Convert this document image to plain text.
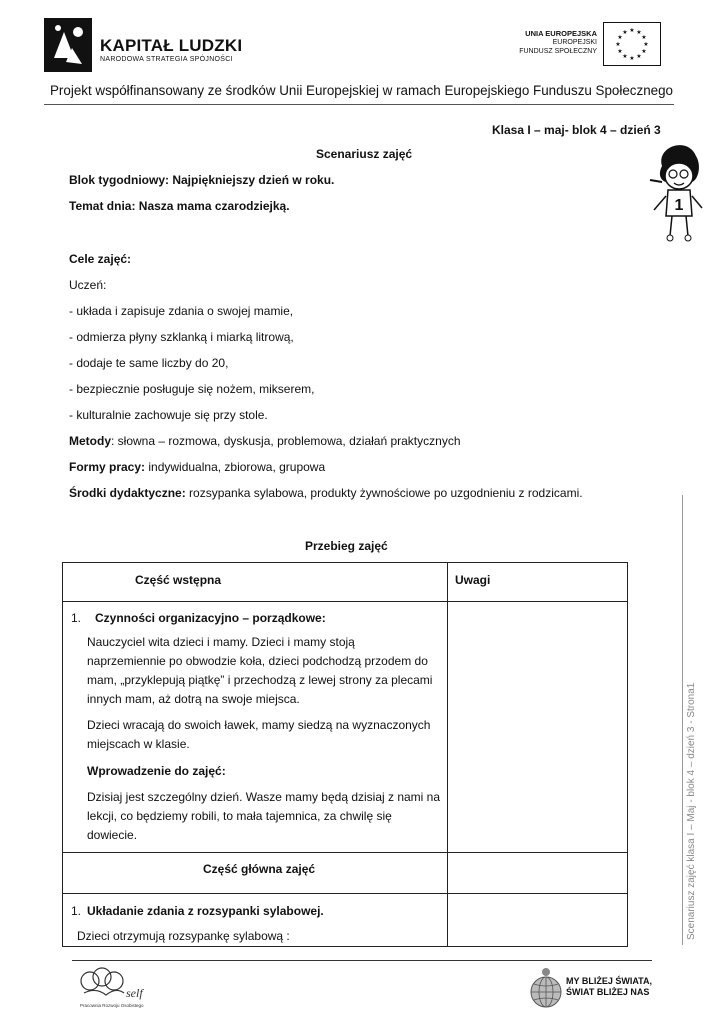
KAPITAŁ LUDZKI
NARODOWA STRATEGIA SPÓJNOŚCI
UNIA EUROPEJSKA
EUROPEJSKI
FUNDUSZ SPOŁECZNY
★ ★
★
★
★
★
★
★
★
★
★
★
Projekt współfinansowany ze środków Unii Europejskiej w ramach Europejskiego Funduszu Społecznego
Klasa I – maj- blok 4 – dzień 3
Scenariusz zajęć
1
Blok tygodniowy: Najpiękniejszy dzień w roku.
Temat dnia: Nasza mama czarodziejką.
Cele zajęć:
Uczeń:
- układa i zapisuje zdania o swojej mamie,
- odmierza płyny szklanką i miarką litrową,
- dodaje te same liczby do 20,
- bezpiecznie posługuje się nożem, mikserem,
- kulturalnie zachowuje się przy stole.
Metody: słowna – rozmowa, dyskusja, problemowa, działań praktycznych
Formy pracy: indywidualna, zbiorowa, grupowa
Środki dydaktyczne: rozsypanka sylabowa, produkty żywnościowe po uzgodnieniu z rodzicami.
Przebieg zajęć
Część wstępna	Uwagi
1. Czynności organizacyjno – porządkowe:
Nauczyciel wita dzieci i mamy. Dzieci i mamy stoją
naprzemiennie po obwodzie koła, dzieci podchodzą przodem do
mam, „przyklepują piątkę” i przechodzą z lewej strony za plecami
innych mam, aż dotrą na swoje miejsca.
Dzieci wracają do swoich ławek, mamy siedzą na wyznaczonych
miejscach w klasie.
Wprowadzenie do zajęć:
Dzisiaj jest szczególny dzień. Wasze mamy będą dzisiaj z nami na
lekcji, co będziemy robili, to mała tajemnica, za chwilę się
dowiecie.
Część główna zajęć
1. Układanie zdania z rozsypanki sylabowej.
Dzieci otrzymują rozsypankę sylabową :	Scenariusz zajęć klasa I – Maj - blok 4 – dzień 3 - Strona1
self
Pracownia Rozwoju Osobistego
MY BLIŻEJ ŚWIATA,
ŚWIAT BLIŻEJ NAS
